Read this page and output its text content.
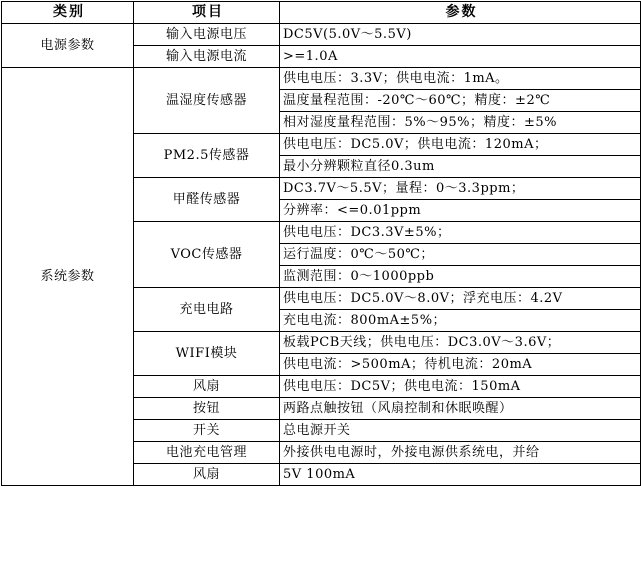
类别	项目	参数
电源参数	输入电源电压	DC5V(5.0V～5.5V)
	输入电源电流	>=1.0A
系统参数	温湿度传感器	供电电压：3.3V；供电电流：1mA。
		温度量程范围：-20℃～60℃；精度：±2℃
		相对湿度量程范围：5%～95%；精度：±5%
	PM2.5传感器	供电电压：DC5.0V；供电电流：120mA；
		最小分辨颗粒直径0.3um
	甲醛传感器	DC3.7V～5.5V；量程：0～3.3ppm；
		分辨率：<=0.01ppm
	VOC传感器	供电电压：DC3.3V±5%；
		运行温度：0℃～50℃；
		监测范围：0～1000ppb
	充电电路	供电电压：DC5.0V～8.0V；浮充电压：4.2V
		充电电流：800mA±5%；
	WIFI模块	板载PCB天线；供电电压：DC3.0V～3.6V；
		供电电流：>500mA；待机电流：20mA
	风扇	供电电压：DC5V；供电电流：150mA
	按钮	两路点触按钮（风扇控制和休眠唤醒）
	开关	总电源开关
	电池充电管理	外接供电电源时，外接电源供系统电，并给
	风扇	5V 100mA
